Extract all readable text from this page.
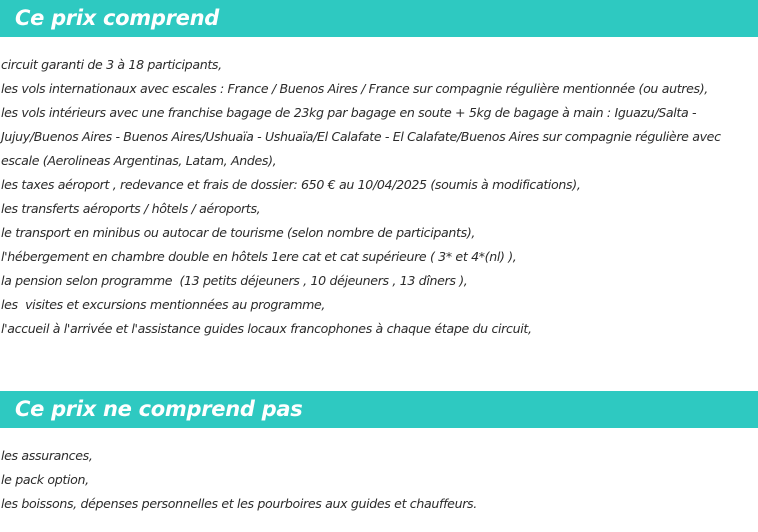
Ce prix comprend
circuit garanti de 3 à 18 participants,
les vols internationaux avec escales : France / Buenos Aires / France sur compagnie régulière mentionnée (ou autres),
les vols intérieurs avec une franchise bagage de 23kg par bagage en soute + 5kg de bagage à main : Iguazu/Salta - Jujuy/Buenos Aires - Buenos Aires/Ushuaïa - Ushuaïa/El Calafate - El Calafate/Buenos Aires sur compagnie régulière avec escale (Aerolineas Argentinas, Latam, Andes),
les taxes aéroport , redevance et frais de dossier: 650 € au 10/04/2025 (soumis à modifications),
les transferts aéroports / hôtels / aéroports,
le transport en minibus ou autocar de tourisme (selon nombre de participants),
l'hébergement en chambre double en hôtels 1ere cat et cat supérieure ( 3* et 4*(nl) ),
la pension selon programme  (13 petits déjeuners , 10 déjeuners , 13 dîners ),
les  visites et excursions mentionnées au programme,
l'accueil à l'arrivée et l'assistance guides locaux francophones à chaque étape du circuit,
Ce prix ne comprend pas
les assurances,
le pack option,
les boissons, dépenses personnelles et les pourboires aux guides et chauffeurs.
